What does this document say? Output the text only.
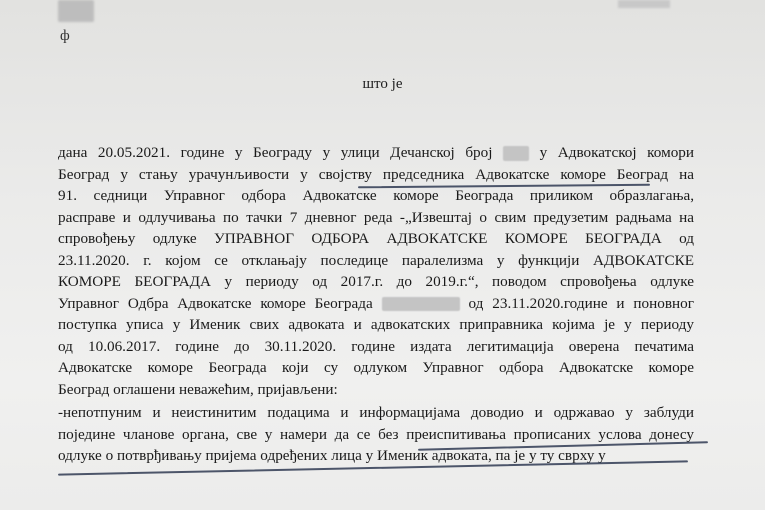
ф
што је
дана 20.05.2021. године у Београду у улици Дечанској број	у Адвокатској комори
Београд у стању урачунљивости у својству председника Адвокатске коморе Београд на
91. седници Управног одбора Адвокатске коморе Београда приликом образлагања,
расправе и одлучивања по тачки 7 дневног реда -„Извештај о свим предузетим радњама на
спровођењу одлуке УПРАВНОГ ОДБОРА АДВОКАТСКЕ КОМОРЕ БЕОГРАДА од
23.11.2020. г. којом се отклањају последице паралелизма у функцији АДВОКАТСКЕ
КОМОРЕ БЕОГРАДА у периоду од 2017.г. до 2019.г.“, поводом спровођења одлуке
Управног Одбра Адвокатске коморе Београда	од 23.11.2020.године и поновног
поступка уписа у Именик свих адвоката и адвокатских приправника којима је у периоду
од 10.06.2017. године до 30.11.2020. године издата легитимација оверена печатима
Адвокатске коморе Београда који су одлуком Управног одбора Адвокатске коморе
Београд оглашени неважећим, пријављени:
-непотпуним и неистинитим подацима и информацијама доводио и одржавао у заблуди
поједине чланове органа, све у намери да се без преиспитивања прописаних услова донесу
одлуке о потврђивању пријема одређених лица у Именик адвоката, па је у ту сврху у
